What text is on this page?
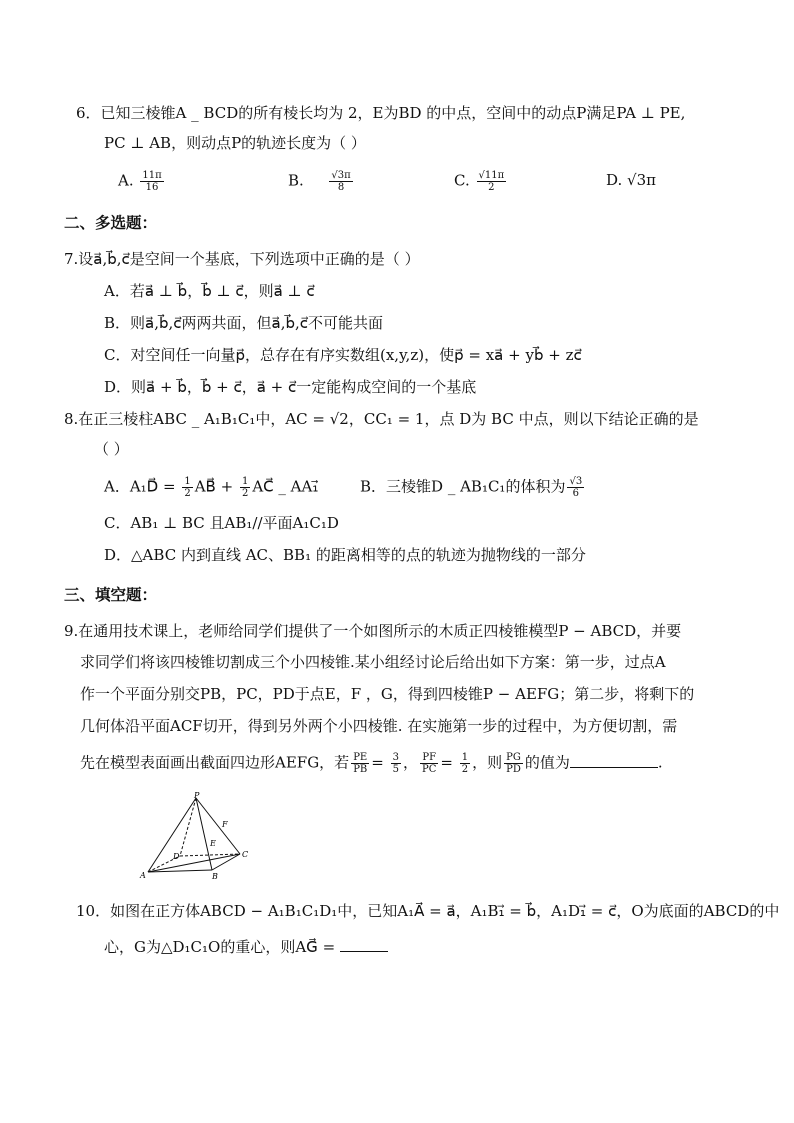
6．已知三棱锥A _ BCD的所有棱长均为 2，E为BD 的中点，空间中的动点P满足PA ⊥ PE,
PC ⊥ AB，则动点P的轨迹长度为（ ）
A. $\frac{11\pi}{16}$	B.	$\frac{√3\pi}{8}$	C. $\frac{√11\pi}{2}$	D. √3π
二、多选题：
7.设a⃗,b⃗,c⃗是空间一个基底，下列选项中正确的是（ ）
A．若a⃗ ⊥ b⃗，b⃗ ⊥ c⃗，则a⃗ ⊥ c⃗
B．则a⃗,b⃗,c⃗两两共面，但a⃗,b⃗,c⃗不可能共面
C．对空间任一向量p⃗，总存在有序实数组(x,y,z)，使p⃗ = xa⃗ + yb⃗ + zc⃗
D．则a⃗ + b⃗，b⃗ + c⃗，a⃗ + c⃗一定能构成空间的一个基底
8.在正三棱柱ABC _ A₁B₁C₁中，AC = √2，CC₁ = 1，点 D为 BC 中点，则以下结论正确的是
（ ）
A．A₁D⃗ = $\frac{1}{2}$ AB⃗ + $\frac{1}{2}$ AC⃗ _ AA₁⃗	B．三棱锥D _ AB₁C₁的体积为 $\frac{√3}{6}$
C．AB₁ ⊥ BC 且AB₁//平面A₁C₁D
D．△ABC 内到直线 AC、BB₁ 的距离相等的点的轨迹为抛物线的一部分
三、填空题：
9.在通用技术课上，老师给同学们提供了一个如图所示的木质正四棱锥模型P − ABCD，并要
求同学们将该四棱锥切割成三个小四棱锥.某小组经讨论后给出如下方案：第一步，过点A
作一个平面分别交PB，PC，PD于点E，F ，G，得到四棱锥P − AEFG；第二步，将剩下的
几何体沿平面ACF切开，得到另外两个小四棱锥. 在实施第一步的过程中，为方便切割，需
先在模型表面画出截面四边形AEFG，若 $\frac{PE}{PB} = \frac{3}{5}$ ， $\frac{PF}{PC} = \frac{1}{2}$ ，则 $\frac{PG}{PD}$ 的值为	.
P
F
E
D	C
A	B
10．如图在正方体ABCD − A₁B₁C₁D₁中，已知A₁A⃗ = a⃗，A₁B₁⃗ = b⃗，A₁D₁⃗ = c⃗，O为底面的ABCD的中
心，G为△D₁C₁O的重心，则AG⃗ =
